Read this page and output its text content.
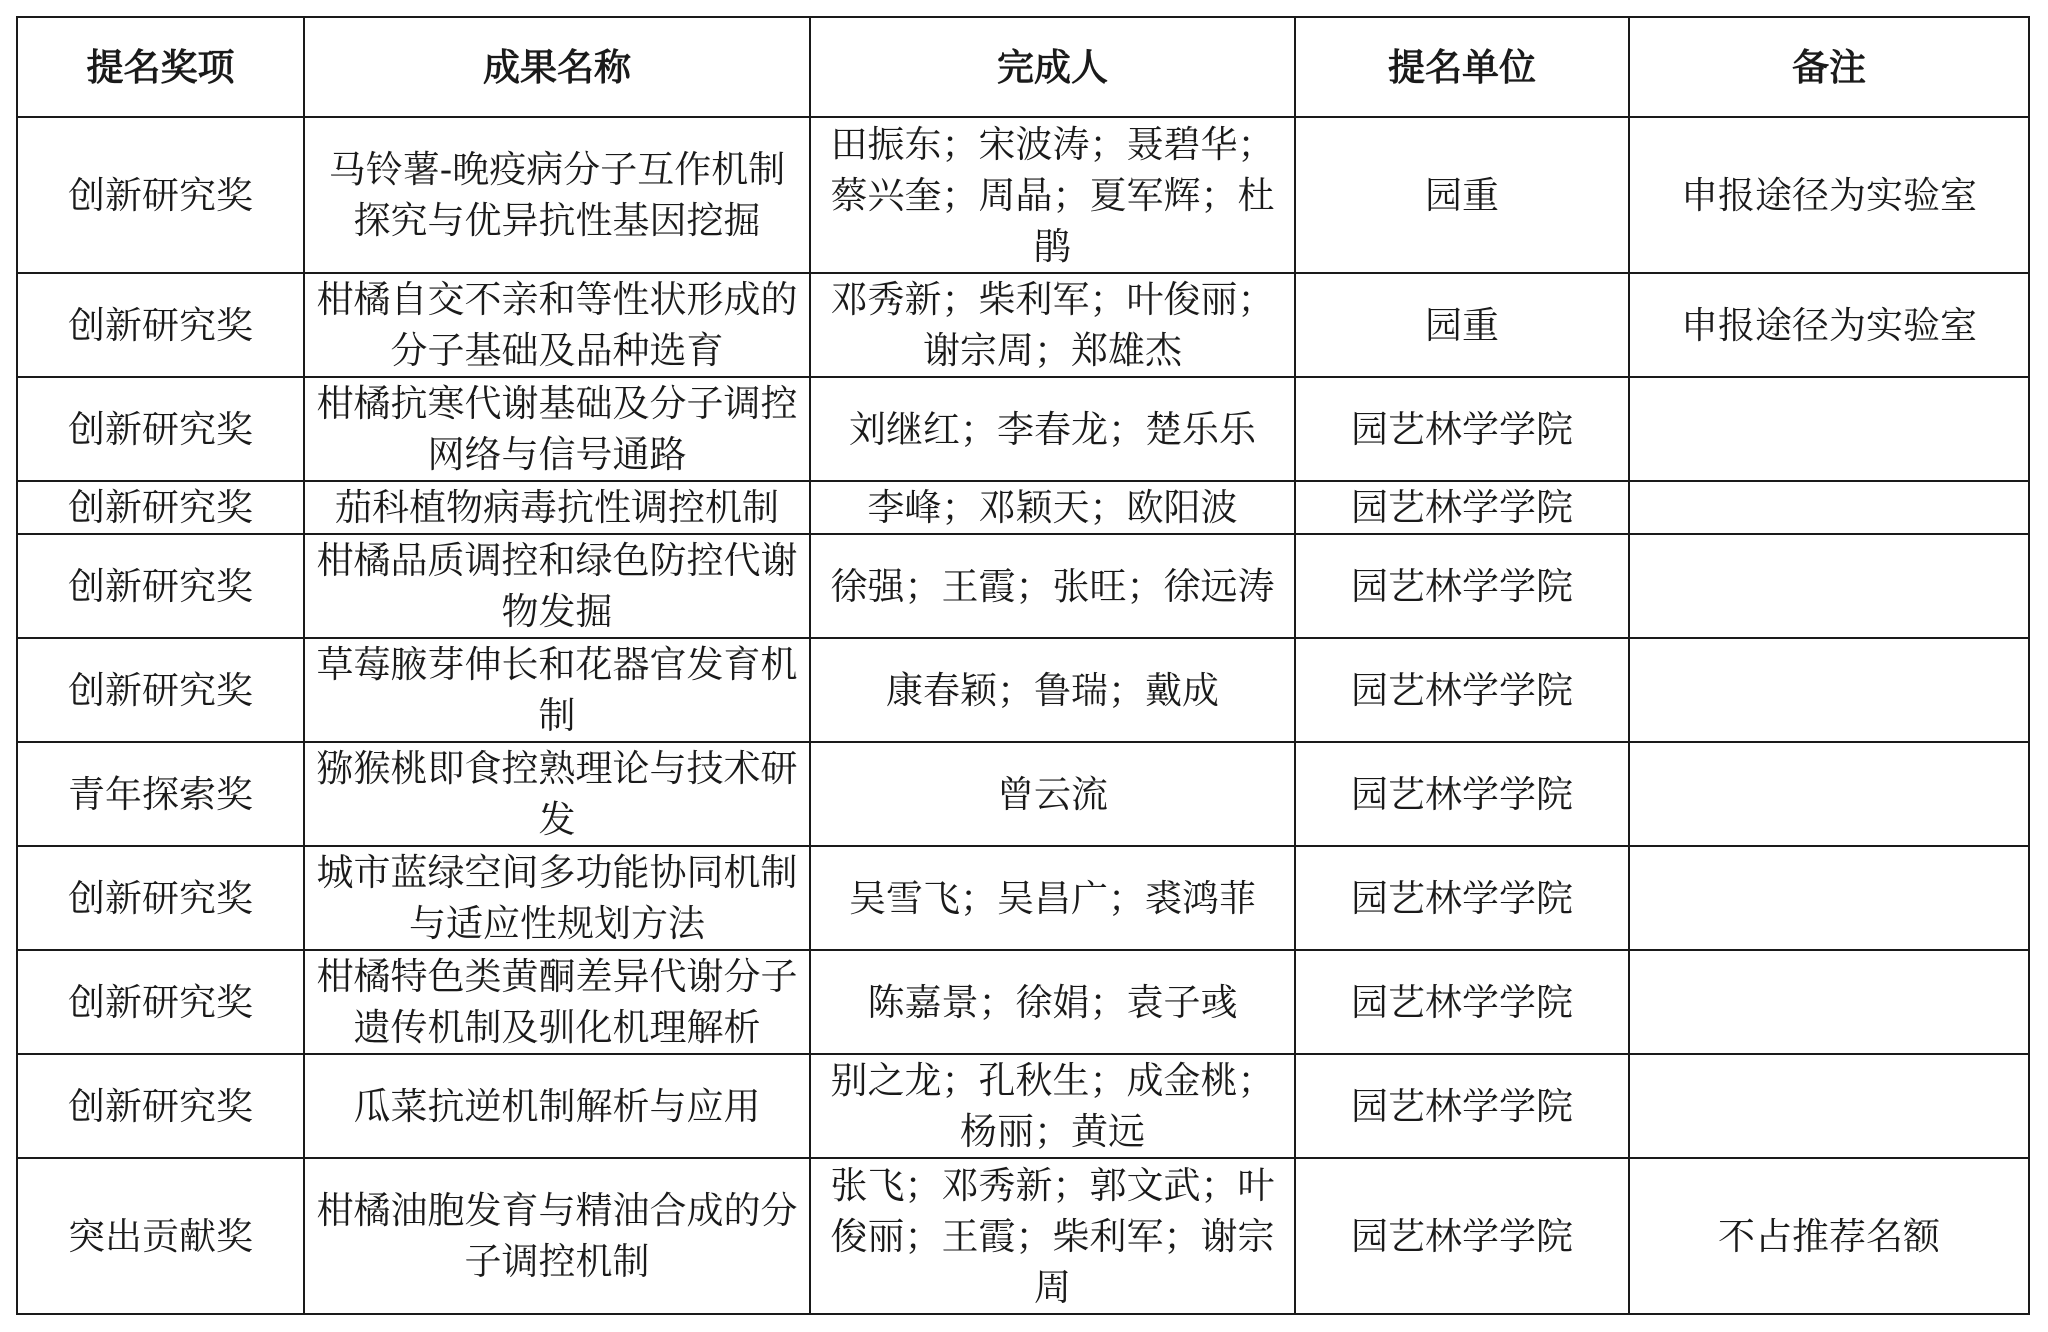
提名奖项	成果名称	完成人	提名单位	备注
创新研究奖	马铃薯-晚疫病分子互作机制探究与优异抗性基因挖掘	田振东；宋波涛；聂碧华；蔡兴奎；周晶；夏军辉；杜鹃	园重	申报途径为实验室
创新研究奖	柑橘自交不亲和等性状形成的分子基础及品种选育	邓秀新；柴利军；叶俊丽；谢宗周；郑雄杰	园重	申报途径为实验室
创新研究奖	柑橘抗寒代谢基础及分子调控网络与信号通路	刘继红；李春龙；楚乐乐	园艺林学学院	
创新研究奖	茄科植物病毒抗性调控机制	李峰；邓颖天；欧阳波	园艺林学学院	
创新研究奖	柑橘品质调控和绿色防控代谢物发掘	徐强；王霞；张旺；徐远涛	园艺林学学院	
创新研究奖	草莓腋芽伸长和花器官发育机制	康春颖；鲁瑞；戴成	园艺林学学院	
青年探索奖	猕猴桃即食控熟理论与技术研发	曾云流	园艺林学学院	
创新研究奖	城市蓝绿空间多功能协同机制与适应性规划方法	吴雪飞；吴昌广；裘鸿菲	园艺林学学院	
创新研究奖	柑橘特色类黄酮差异代谢分子遗传机制及驯化机理解析	陈嘉景；徐娟；袁子彧	园艺林学学院	
创新研究奖	瓜菜抗逆机制解析与应用	别之龙；孔秋生；成金桃；杨丽；黄远	园艺林学学院	
突出贡献奖	柑橘油胞发育与精油合成的分子调控机制	张飞；邓秀新；郭文武；叶俊丽；王霞；柴利军；谢宗周	园艺林学学院	不占推荐名额
